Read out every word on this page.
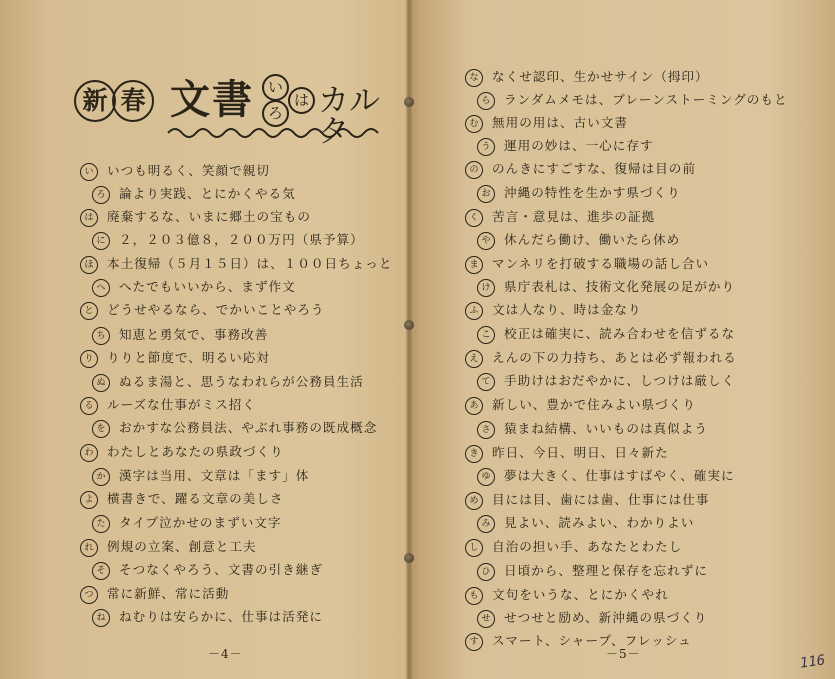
新 春 文書 い
ろ
は カルタ
い いつも明るく、笑顔で親切
ろ 論より実践、とにかくやる気
は 廃棄するな、いまに郷土の宝もの
に ２，２０３億８，２００万円（県予算）
ほ 本土復帰（５月１５日）は、１００日ちょっと
へ へたでもいいから、まず作文
と どうせやるなら、でかいことやろう
ち 知恵と勇気で、事務改善
り りりと節度で、明るい応対
ぬ ぬるま湯と、思うなわれらが公務員生活
る ルーズな仕事がミス招く
を おかすな公務員法、やぶれ事務の既成概念
わ わたしとあなたの県政づくり
か 漢字は当用、文章は「ます」体
よ 横書きで、躍る文章の美しさ
た タイプ泣かせのまずい文字
れ 例規の立案、創意と工夫
そ そつなくやろう、文書の引き継ぎ
つ 常に新鮮、常に活動
ね ねむりは安らかに、仕事は活発に
－4－
な なくせ認印、生かせサイン（拇印）
ら ランダムメモは、ブレーンストーミングのもと
む 無用の用は、古い文書
う 運用の妙は、一心に存す
の のんきにすごすな、復帰は目の前
お 沖縄の特性を生かす県づくり
く 苦言・意見は、進歩の証拠
や 休んだら働け、働いたら休め
ま マンネリを打破する職場の話し合い
け 県庁表札は、技術文化発展の足がかり
ふ 文は人なり、時は金なり
こ 校正は確実に、読み合わせを信ずるな
え えんの下の力持ち、あとは必ず報われる
て 手助けはおだやかに、しつけは厳しく
あ 新しい、豊かで住みよい県づくり
さ 猿まね結構、いいものは真似よう
き 昨日、今日、明日、日々新た
ゆ 夢は大きく、仕事はすばやく、確実に
め 目には目、歯には歯、仕事には仕事
み 見よい、読みよい、わかりよい
し 自治の担い手、あなたとわたし
ひ 日頃から、整理と保存を忘れずに
も 文句をいうな、とにかくやれ
せ せつせと励め、新沖縄の県づくり
す スマート、シャープ、フレッシュ
－5－	116
